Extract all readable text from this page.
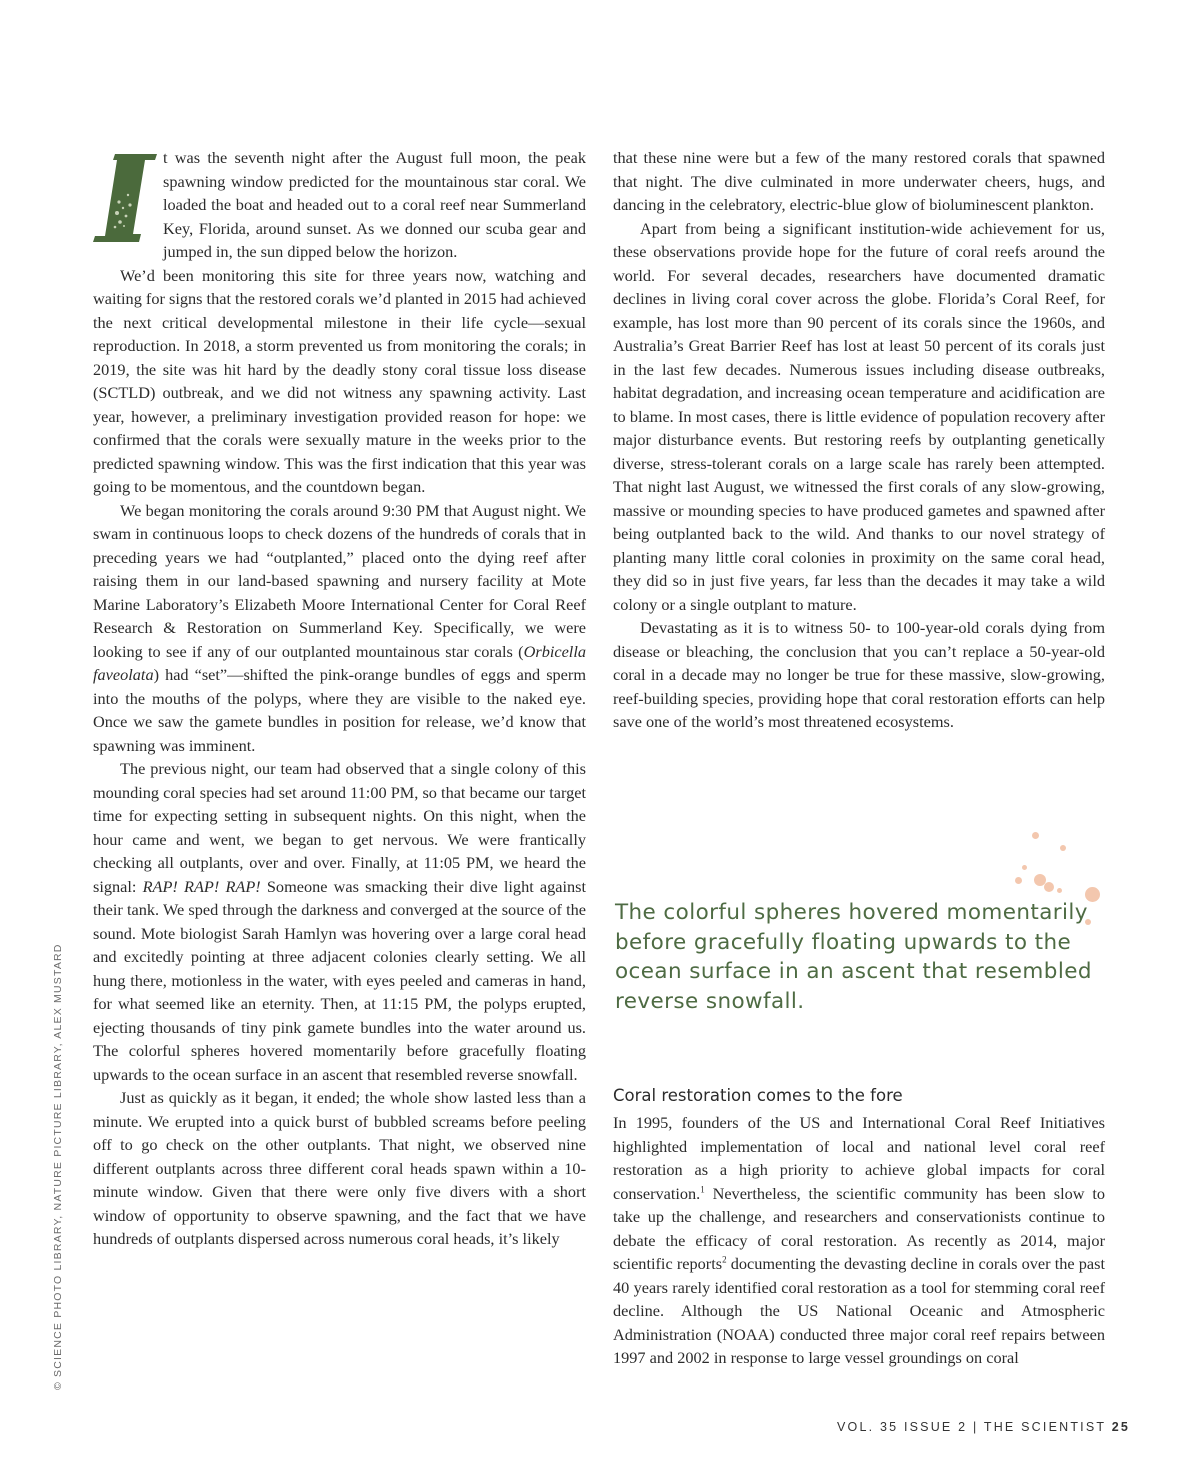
© SCIENCE PHOTO LIBRARY, NATURE PICTURE LIBRARY, ALEX MUSTARD

t was the seventh night after the August full moon, the peak spawning window predicted for the mountainous star coral. We loaded the boat and headed out to a coral reef near Summerland Key, Florida, around sunset. As we donned our scuba gear and jumped in, the sun dipped below the horizon.

We’d been monitoring this site for three years now, watching and waiting for signs that the restored corals we’d planted in 2015 had achieved the next critical developmental milestone in their life cycle—sexual reproduction. In 2018, a storm prevented us from monitoring the corals; in 2019, the site was hit hard by the deadly stony coral tissue loss disease (SCTLD) outbreak, and we did not witness any spawning activity. Last year, however, a preliminary investigation provided reason for hope: we confirmed that the corals were sexually mature in the weeks prior to the predicted spawning window. This was the first indication that this year was going to be momentous, and the countdown began.

We began monitoring the corals around 9:30 PM that August night. We swam in continuous loops to check dozens of the hundreds of corals that in preceding years we had “outplanted,” placed onto the dying reef after raising them in our land-based spawning and nursery facility at Mote Marine Laboratory’s Elizabeth Moore International Center for Coral Reef Research & Restoration on Summerland Key. Specifically, we were looking to see if any of our outplanted mountainous star corals (Orbicella faveolata) had “set”—shifted the pink-orange bundles of eggs and sperm into the mouths of the polyps, where they are visible to the naked eye. Once we saw the gamete bundles in position for release, we’d know that spawning was imminent.

The previous night, our team had observed that a single colony of this mounding coral species had set around 11:00 PM, so that became our target time for expecting setting in subsequent nights. On this night, when the hour came and went, we began to get nervous. We were frantically checking all outplants, over and over. Finally, at 11:05 PM, we heard the signal: RAP! RAP! RAP! Someone was smacking their dive light against their tank. We sped through the darkness and converged at the source of the sound. Mote biologist Sarah Hamlyn was hovering over a large coral head and excitedly pointing at three adjacent colonies clearly setting. We all hung there, motionless in the water, with eyes peeled and cameras in hand, for what seemed like an eternity. Then, at 11:15 PM, the polyps erupted, ejecting thousands of tiny pink gamete bundles into the water around us. The colorful spheres hovered momentarily before gracefully floating upwards to the ocean surface in an ascent that resembled reverse snowfall.

Just as quickly as it began, it ended; the whole show lasted less than a minute. We erupted into a quick burst of bubbled screams before peeling off to go check on the other outplants. That night, we observed nine different outplants across three different coral heads spawn within a 10-minute window. Given that there were only five divers with a short window of opportunity to observe spawning, and the fact that we have hundreds of outplants dispersed across numerous coral heads, it’s likely

that these nine were but a few of the many restored corals that spawned that night. The dive culminated in more underwater cheers, hugs, and dancing in the celebratory, electric-blue glow of bioluminescent plankton.

Apart from being a significant institution-wide achievement for us, these observations provide hope for the future of coral reefs around the world. For several decades, researchers have documented dramatic declines in living coral cover across the globe. Florida’s Coral Reef, for example, has lost more than 90 percent of its corals since the 1960s, and Australia’s Great Barrier Reef has lost at least 50 percent of its corals just in the last few decades. Numerous issues including disease outbreaks, habitat degradation, and increasing ocean temperature and acidification are to blame. In most cases, there is little evidence of population recovery after major disturbance events. But restoring reefs by outplanting genetically diverse, stress-tolerant corals on a large scale has rarely been attempted. That night last August, we witnessed the first corals of any slow-growing, massive or mounding species to have produced gametes and spawned after being outplanted back to the wild. And thanks to our novel strategy of planting many little coral colonies in proximity on the same coral head, they did so in just five years, far less than the decades it may take a wild colony or a single outplant to mature.

Devastating as it is to witness 50- to 100-year-old corals dying from disease or bleaching, the conclusion that you can’t replace a 50-year-old coral in a decade may no longer be true for these massive, slow-growing, reef-building species, providing hope that coral restoration efforts can help save one of the world’s most threatened ecosystems.

The colorful spheres hovered momentarily before gracefully floating upwards to the ocean surface in an ascent that resembled reverse snowfall.

Coral restoration comes to the fore

In 1995, founders of the US and International Coral Reef Initiatives highlighted implementation of local and national level coral reef restoration as a high priority to achieve global impacts for coral conservation.$^1$ Nevertheless, the scientific community has been slow to take up the challenge, and researchers and conservationists continue to debate the efficacy of coral restoration. As recently as 2014, major scientific reports$^2$ documenting the devasting decline in corals over the past 40 years rarely identified coral restoration as a tool for stemming coral reef decline. Although the US National Oceanic and Atmospheric Administration (NOAA) conducted three major coral reef repairs between 1997 and 2002 in response to large vessel groundings on coral

VOL. 35 ISSUE 2 | THE SCIENTIST 25
